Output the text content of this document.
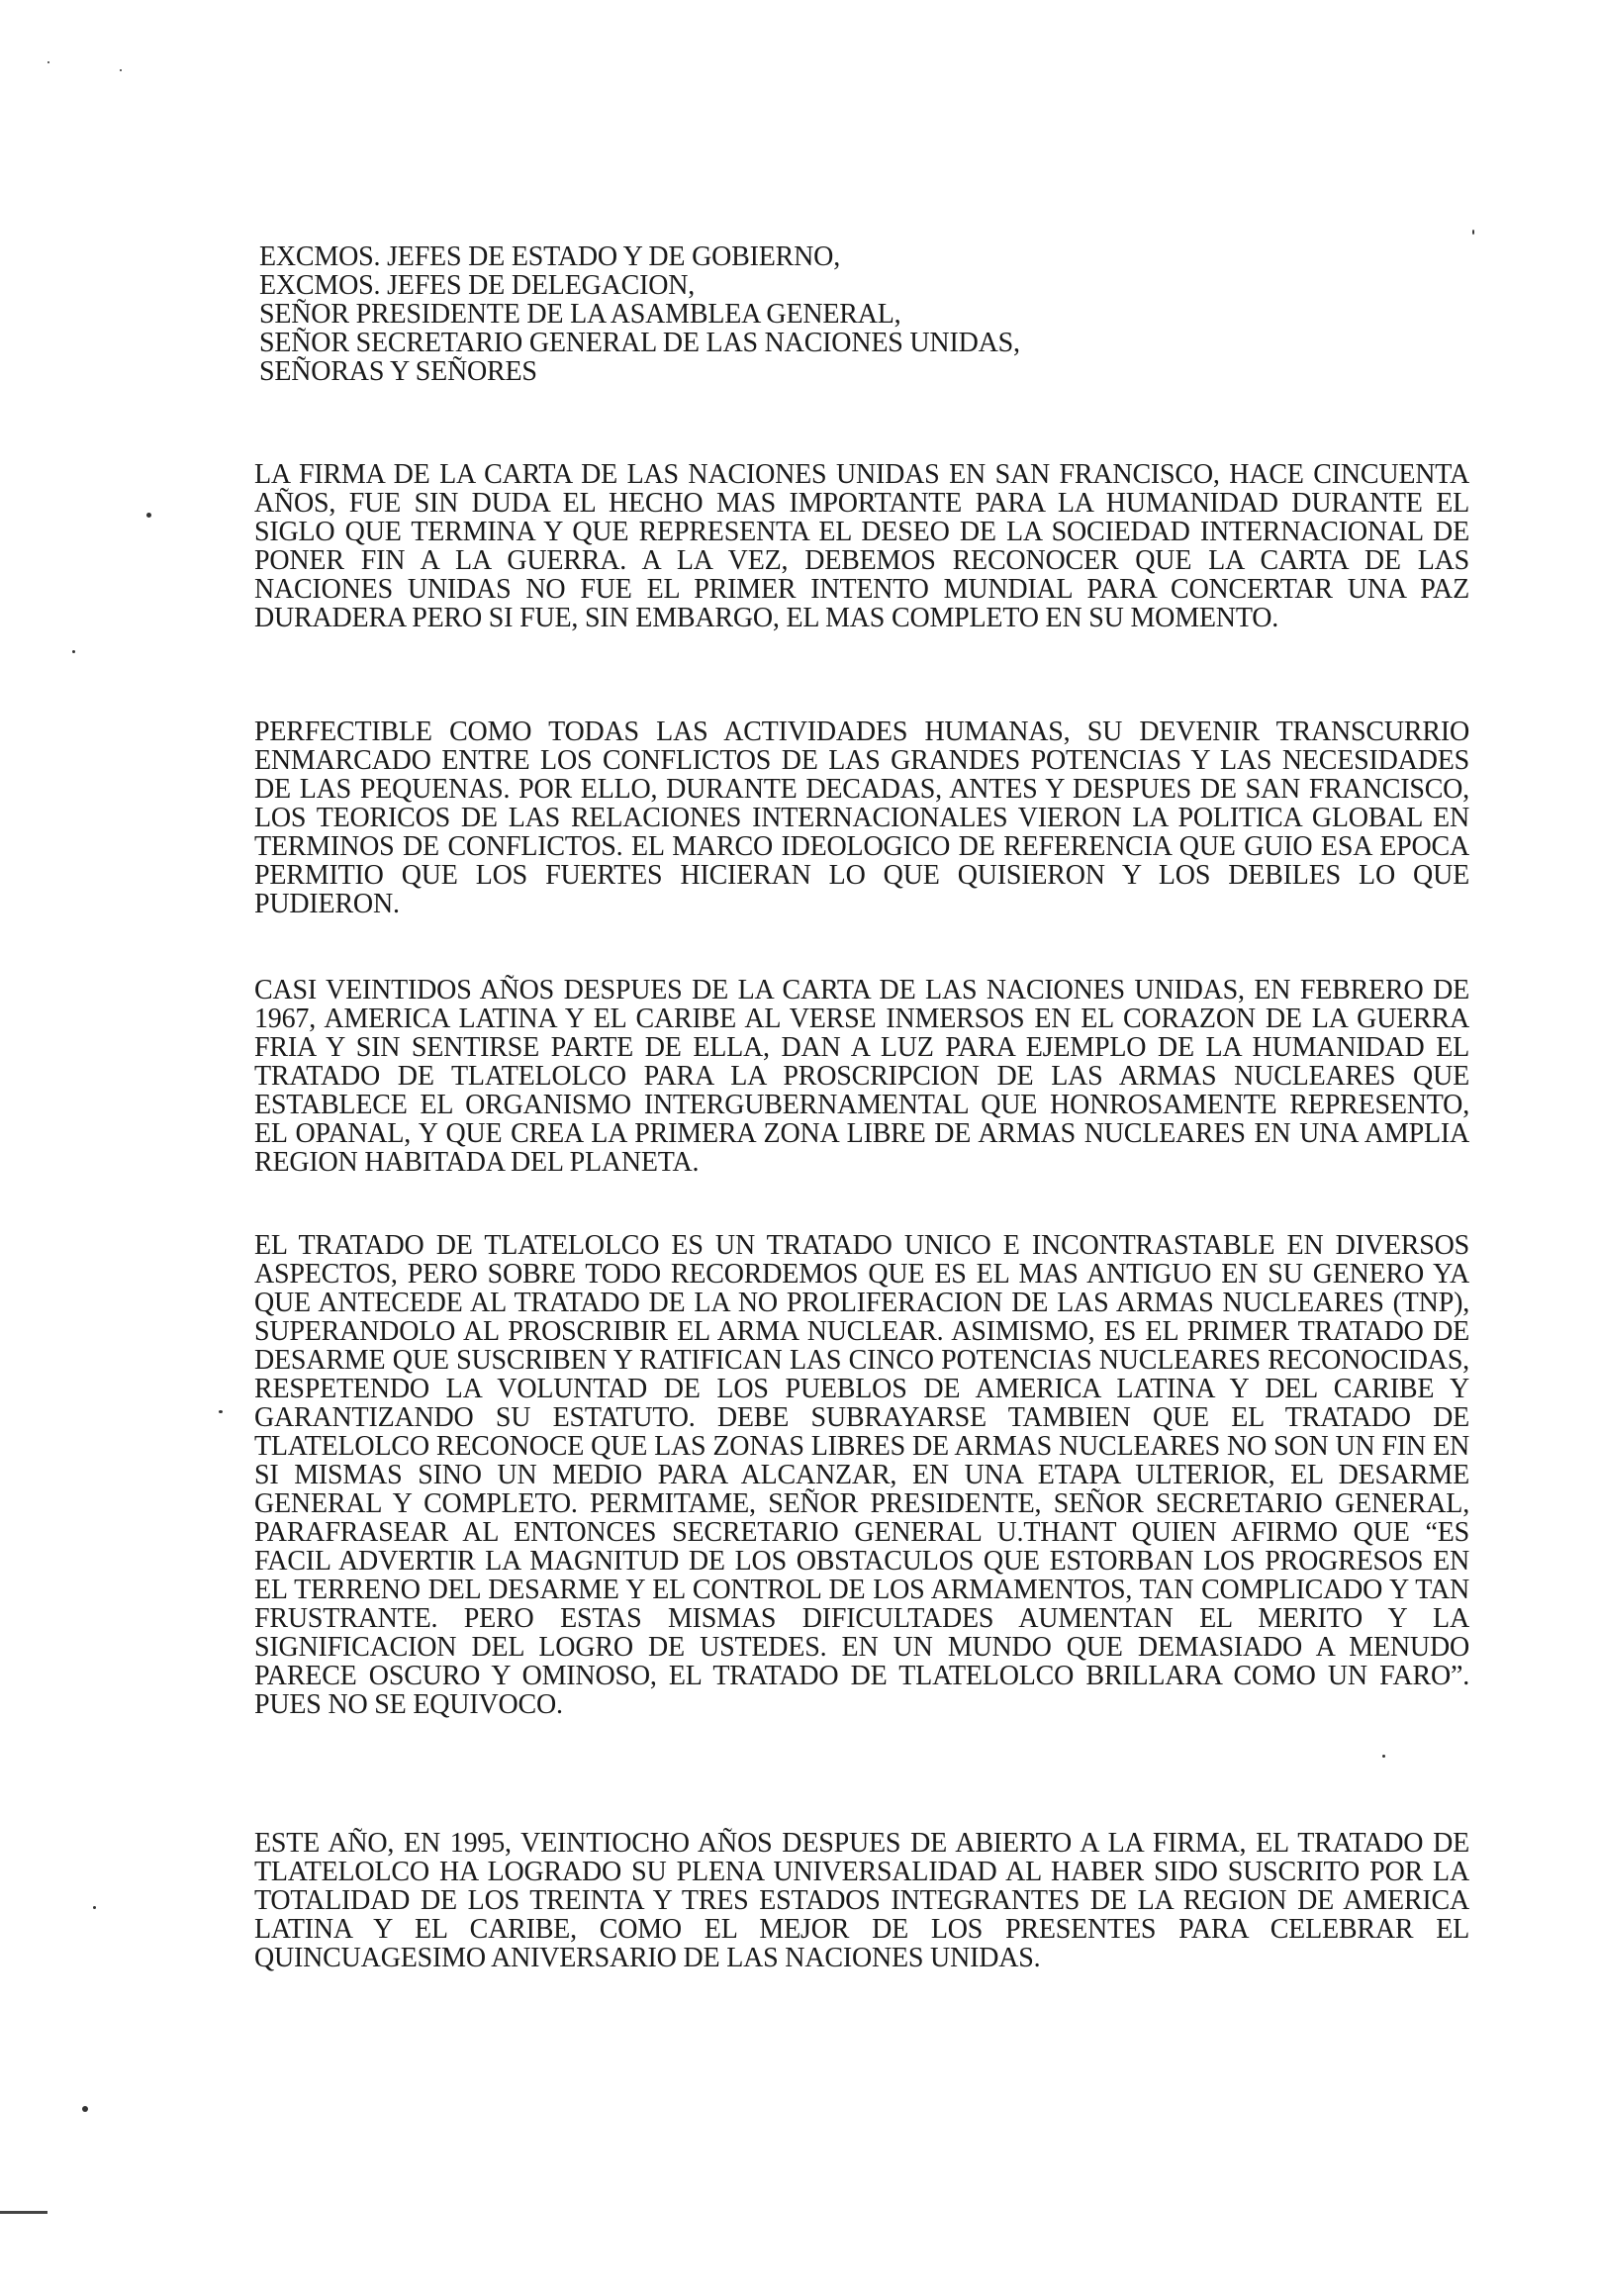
EXCMOS. JEFES DE ESTADO Y DE GOBIERNO,
EXCMOS. JEFES DE DELEGACION,
SEÑOR PRESIDENTE DE LA ASAMBLEA GENERAL,
SEÑOR SECRETARIO GENERAL DE LAS NACIONES UNIDAS,
SEÑORAS Y SEÑORES

LA FIRMA DE LA CARTA DE LAS NACIONES UNIDAS EN SAN FRANCISCO, HACE CINCUENTA AÑOS, FUE SIN DUDA EL HECHO MAS IMPORTANTE PARA LA HUMANIDAD DURANTE EL SIGLO QUE TERMINA Y QUE REPRESENTA EL DESEO DE LA SOCIEDAD INTERNACIONAL DE PONER FIN A LA GUERRA. A LA VEZ, DEBEMOS RECONOCER QUE LA CARTA DE LAS NACIONES UNIDAS NO FUE EL PRIMER INTENTO MUNDIAL PARA CONCERTAR UNA PAZ DURADERA PERO SI FUE, SIN EMBARGO, EL MAS COMPLETO EN SU MOMENTO.

PERFECTIBLE COMO TODAS LAS ACTIVIDADES HUMANAS, SU DEVENIR TRANSCURRIO ENMARCADO ENTRE LOS CONFLICTOS DE LAS GRANDES POTENCIAS Y LAS NECESIDADES DE LAS PEQUENAS. POR ELLO, DURANTE DECADAS, ANTES Y DESPUES DE SAN FRANCISCO, LOS TEORICOS DE LAS RELACIONES INTERNACIONALES VIERON LA POLITICA GLOBAL EN TERMINOS DE CONFLICTOS. EL MARCO IDEOLOGICO DE REFERENCIA QUE GUIO ESA EPOCA PERMITIO QUE LOS FUERTES HICIERAN LO QUE QUISIERON Y LOS DEBILES LO QUE PUDIERON.

CASI VEINTIDOS AÑOS DESPUES DE LA CARTA DE LAS NACIONES UNIDAS, EN FEBRERO DE 1967, AMERICA LATINA Y EL CARIBE AL VERSE INMERSOS EN EL CORAZON DE LA GUERRA FRIA Y SIN SENTIRSE PARTE DE ELLA, DAN A LUZ PARA EJEMPLO DE LA HUMANIDAD EL TRATADO DE TLATELOLCO PARA LA PROSCRIPCION DE LAS ARMAS NUCLEARES QUE ESTABLECE EL ORGANISMO INTERGUBERNAMENTAL QUE HONROSAMENTE REPRESENTO, EL OPANAL, Y QUE CREA LA PRIMERA ZONA LIBRE DE ARMAS NUCLEARES EN UNA AMPLIA REGION HABITADA DEL PLANETA.

EL TRATADO DE TLATELOLCO ES UN TRATADO UNICO E INCONTRASTABLE EN DIVERSOS ASPECTOS, PERO SOBRE TODO RECORDEMOS QUE ES EL MAS ANTIGUO EN SU GENERO YA QUE ANTECEDE AL TRATADO DE LA NO PROLIFERACION DE LAS ARMAS NUCLEARES (TNP), SUPERANDOLO AL PROSCRIBIR EL ARMA NUCLEAR. ASIMISMO, ES EL PRIMER TRATADO DE DESARME QUE SUSCRIBEN Y RATIFICAN LAS CINCO POTENCIAS NUCLEARES RECONOCIDAS, RESPETENDO LA VOLUNTAD DE LOS PUEBLOS DE AMERICA LATINA Y DEL CARIBE Y GARANTIZANDO SU ESTATUTO. DEBE SUBRAYARSE TAMBIEN QUE EL TRATADO DE TLATELOLCO RECONOCE QUE LAS ZONAS LIBRES DE ARMAS NUCLEARES NO SON UN FIN EN SI MISMAS SINO UN MEDIO PARA ALCANZAR, EN UNA ETAPA ULTERIOR, EL DESARME GENERAL Y COMPLETO. PERMITAME, SEÑOR PRESIDENTE, SEÑOR SECRETARIO GENERAL, PARAFRASEAR AL ENTONCES SECRETARIO GENERAL U.THANT QUIEN AFIRMO QUE “ES FACIL ADVERTIR LA MAGNITUD DE LOS OBSTACULOS QUE ESTORBAN LOS PROGRESOS EN EL TERRENO DEL DESARME Y EL CONTROL DE LOS ARMAMENTOS, TAN COMPLICADO Y TAN FRUSTRANTE. PERO ESTAS MISMAS DIFICULTADES AUMENTAN EL MERITO Y LA SIGNIFICACION DEL LOGRO DE USTEDES. EN UN MUNDO QUE DEMASIADO A MENUDO PARECE OSCURO Y OMINOSO, EL TRATADO DE TLATELOLCO BRILLARA COMO UN FARO”. PUES NO SE EQUIVOCO.

ESTE AÑO, EN 1995, VEINTIOCHO AÑOS DESPUES DE ABIERTO A LA FIRMA, EL TRATADO DE TLATELOLCO HA LOGRADO SU PLENA UNIVERSALIDAD AL HABER SIDO SUSCRITO POR LA TOTALIDAD DE LOS TREINTA Y TRES ESTADOS INTEGRANTES DE LA REGION DE AMERICA LATINA Y EL CARIBE, COMO EL MEJOR DE LOS PRESENTES PARA CELEBRAR EL QUINCUAGESIMO ANIVERSARIO DE LAS NACIONES UNIDAS.
